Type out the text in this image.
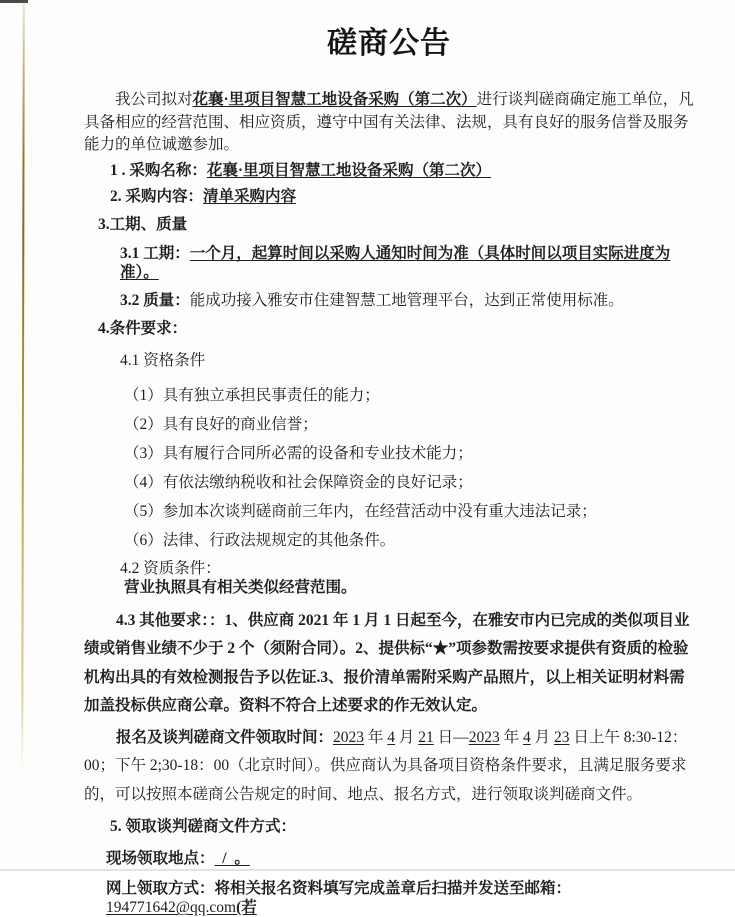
磋商公告

我公司拟对花襄·里项目智慧工地设备采购（第二次）进行谈判磋商确定施工单位，凡具备相应的经营范围、相应资质，遵守中国有关法律、法规，具有良好的服务信誉及服务能力的单位诚邀参加。

1 . 采购名称：花襄·里项目智慧工地设备采购（第二次）
2. 采购内容：清单采购内容
3.工期、质量
3.1 工期：一个月，起算时间以采购人通知时间为准（具体时间以项目实际进度为准）。
3.2 质量：能成功接入雅安市住建智慧工地管理平台，达到正常使用标准。
4.条件要求：
4.1 资格条件
（1）具有独立承担民事责任的能力；
（2）具有良好的商业信誉；
（3）具有履行合同所必需的设备和专业技术能力；
（4）有依法缴纳税收和社会保障资金的良好记录；
（5）参加本次谈判磋商前三年内，在经营活动中没有重大违法记录；
（6）法律、行政法规规定的其他条件。
4.2 资质条件：
营业执照具有相关类似经营范围。

4.3 其他要求：：1、供应商 2021 年 1 月 1 日起至今，在雅安市内已完成的类似项目业绩或销售业绩不少于 2 个（须附合同）。2、提供标“★”项参数需按要求提供有资质的检验机构出具的有效检测报告予以佐证.3、报价清单需附采购产品照片，以上相关证明材料需加盖投标供应商公章。资料不符合上述要求的作无效认定。

报名及谈判磋商文件领取时间：2023 年 4 月 21 日—2023 年 4 月 23 日上午 8:30-12：00；下午 2;30-18：00（北京时间）。供应商认为具备项目资格条件要求，且满足服务要求的，可以按照本磋商公告规定的时间、地点、报名方式，进行领取谈判磋商文件。

5. 领取谈判磋商文件方式：
现场领取地点：  /  。
网上领取方式：将相关报名资料填写完成盖章后扫描并发送至邮箱：194771642@qq.com(若
